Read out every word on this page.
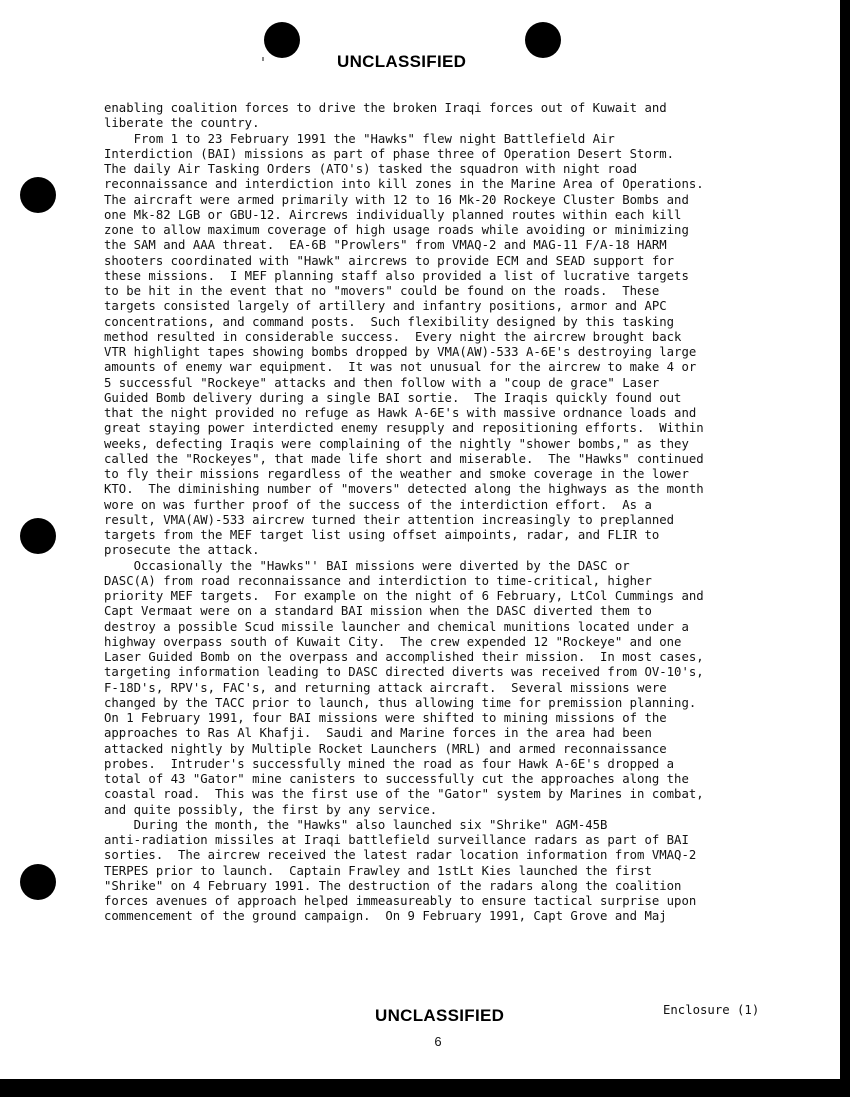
UNCLASSIFIED
enabling coalition forces to drive the broken Iraqi forces out of Kuwait and
liberate the country.
From 1 to 23 February 1991 the "Hawks" flew night Battlefield Air
Interdiction (BAI) missions as part of phase three of Operation Desert Storm.
The daily Air Tasking Orders (ATO's) tasked the squadron with night road
reconnaissance and interdiction into kill zones in the Marine Area of Operations.
The aircraft were armed primarily with 12 to 16 Mk-20 Rockeye Cluster Bombs and
one Mk-82 LGB or GBU-12. Aircrews individually planned routes within each kill
zone to allow maximum coverage of high usage roads while avoiding or minimizing
the SAM and AAA threat.  EA-6B "Prowlers" from VMAQ-2 and MAG-11 F/A-18 HARM
shooters coordinated with "Hawk" aircrews to provide ECM and SEAD support for
these missions.  I MEF planning staff also provided a list of lucrative targets
to be hit in the event that no "movers" could be found on the roads.  These
targets consisted largely of artillery and infantry positions, armor and APC
concentrations, and command posts.  Such flexibility designed by this tasking
method resulted in considerable success.  Every night the aircrew brought back
VTR highlight tapes showing bombs dropped by VMA(AW)-533 A-6E's destroying large
amounts of enemy war equipment.  It was not unusual for the aircrew to make 4 or
5 successful "Rockeye" attacks and then follow with a "coup de grace" Laser
Guided Bomb delivery during a single BAI sortie.  The Iraqis quickly found out
that the night provided no refuge as Hawk A-6E's with massive ordnance loads and
great staying power interdicted enemy resupply and repositioning efforts.  Within
weeks, defecting Iraqis were complaining of the nightly "shower bombs," as they
called the "Rockeyes", that made life short and miserable.  The "Hawks" continued
to fly their missions regardless of the weather and smoke coverage in the lower
KTO.  The diminishing number of "movers" detected along the highways as the month
wore on was further proof of the success of the interdiction effort.  As a
result, VMA(AW)-533 aircrew turned their attention increasingly to preplanned
targets from the MEF target list using offset aimpoints, radar, and FLIR to
prosecute the attack.
Occasionally the "Hawks"' BAI missions were diverted by the DASC or
DASC(A) from road reconnaissance and interdiction to time-critical, higher
priority MEF targets.  For example on the night of 6 February, LtCol Cummings and
Capt Vermaat were on a standard BAI mission when the DASC diverted them to
destroy a possible Scud missile launcher and chemical munitions located under a
highway overpass south of Kuwait City.  The crew expended 12 "Rockeye" and one
Laser Guided Bomb on the overpass and accomplished their mission.  In most cases,
targeting information leading to DASC directed diverts was received from OV-10's,
F-18D's, RPV's, FAC's, and returning attack aircraft.  Several missions were
changed by the TACC prior to launch, thus allowing time for premission planning.
On 1 February 1991, four BAI missions were shifted to mining missions of the
approaches to Ras Al Khafji.  Saudi and Marine forces in the area had been
attacked nightly by Multiple Rocket Launchers (MRL) and armed reconnaissance
probes.  Intruder's successfully mined the road as four Hawk A-6E's dropped a
total of 43 "Gator" mine canisters to successfully cut the approaches along the
coastal road.  This was the first use of the "Gator" system by Marines in combat,
and quite possibly, the first by any service.
During the month, the "Hawks" also launched six "Shrike" AGM-45B
anti-radiation missiles at Iraqi battlefield surveillance radars as part of BAI
sorties.  The aircrew received the latest radar location information from VMAQ-2
TERPES prior to launch.  Captain Frawley and 1stLt Kies launched the first
"Shrike" on 4 February 1991. The destruction of the radars along the coalition
forces avenues of approach helped immeasureably to ensure tactical surprise upon
commencement of the ground campaign.  On 9 February 1991, Capt Grove and Maj
UNCLASSIFIED	Enclosure (1)
6
